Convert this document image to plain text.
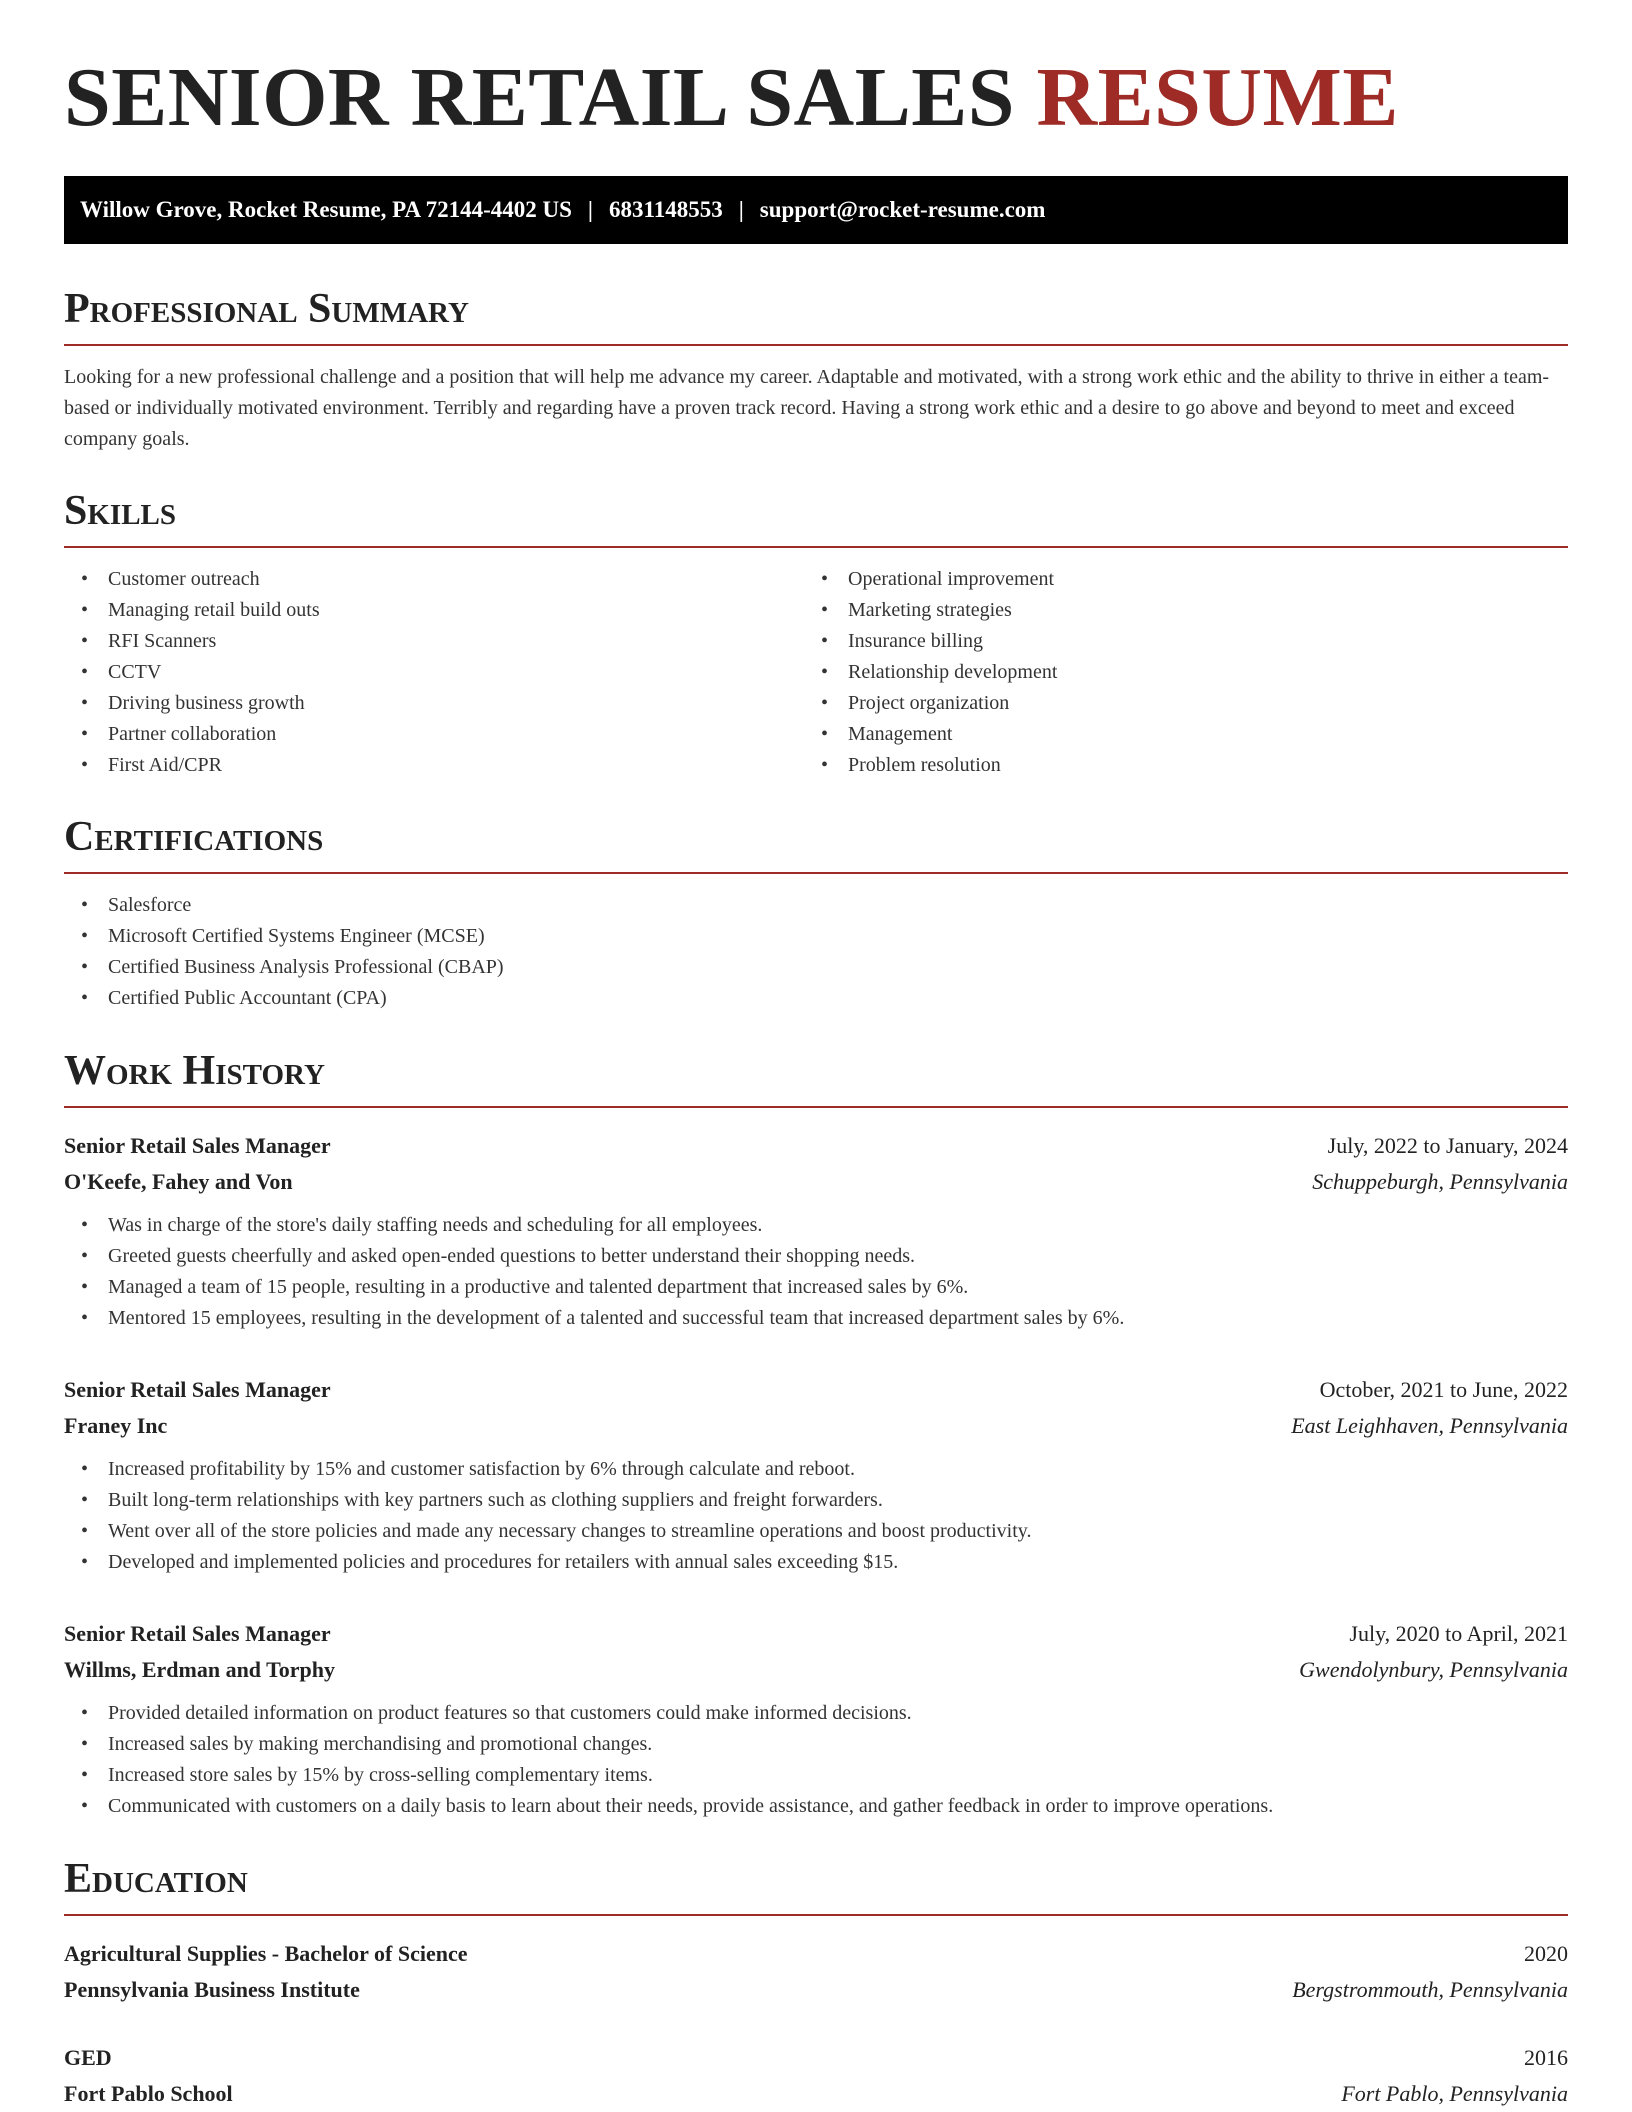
SENIOR RETAIL SALES RESUME
Willow Grove, Rocket Resume, PA 72144-4402 US | 6831148553 | support@rocket-resume.com
Professional Summary

Looking for a new professional challenge and a position that will help me advance my career. Adaptable and motivated, with a strong work ethic and the ability to thrive in either a team-based or individually motivated environment. Terribly and regarding have a proven track record. Having a strong work ethic and a desire to go above and beyond to meet and exceed company goals.

Skills
• Customer outreach
• Managing retail build outs
• RFI Scanners
• CCTV
• Driving business growth
• Partner collaboration
• First Aid/CPR
• Operational improvement
• Marketing strategies
• Insurance billing
• Relationship development
• Project organization
• Management
• Problem resolution
Certifications
• Salesforce
• Microsoft Certified Systems Engineer (MCSE)
• Certified Business Analysis Professional (CBAP)
• Certified Public Accountant (CPA)
Work History
Senior Retail Sales Manager	July, 2022 to January, 2024
O'Keefe, Fahey and Von	Schuppeburgh, Pennsylvania
• Was in charge of the store's daily staffing needs and scheduling for all employees.
• Greeted guests cheerfully and asked open-ended questions to better understand their shopping needs.
• Managed a team of 15 people, resulting in a productive and talented department that increased sales by 6%.
• Mentored 15 employees, resulting in the development of a talented and successful team that increased department sales by 6%.
Senior Retail Sales Manager	October, 2021 to June, 2022
Franey Inc	East Leighhaven, Pennsylvania
• Increased profitability by 15% and customer satisfaction by 6% through calculate and reboot.
• Built long-term relationships with key partners such as clothing suppliers and freight forwarders.
• Went over all of the store policies and made any necessary changes to streamline operations and boost productivity.
• Developed and implemented policies and procedures for retailers with annual sales exceeding $15.
Senior Retail Sales Manager	July, 2020 to April, 2021
Willms, Erdman and Torphy	Gwendolynbury, Pennsylvania
• Provided detailed information on product features so that customers could make informed decisions.
• Increased sales by making merchandising and promotional changes.
• Increased store sales by 15% by cross-selling complementary items.
• Communicated with customers on a daily basis to learn about their needs, provide assistance, and gather feedback in order to improve operations.
Education
Agricultural Supplies - Bachelor of Science	2020
Pennsylvania Business Institute	Bergstrommouth, Pennsylvania
GED	2016
Fort Pablo School	Fort Pablo, Pennsylvania
